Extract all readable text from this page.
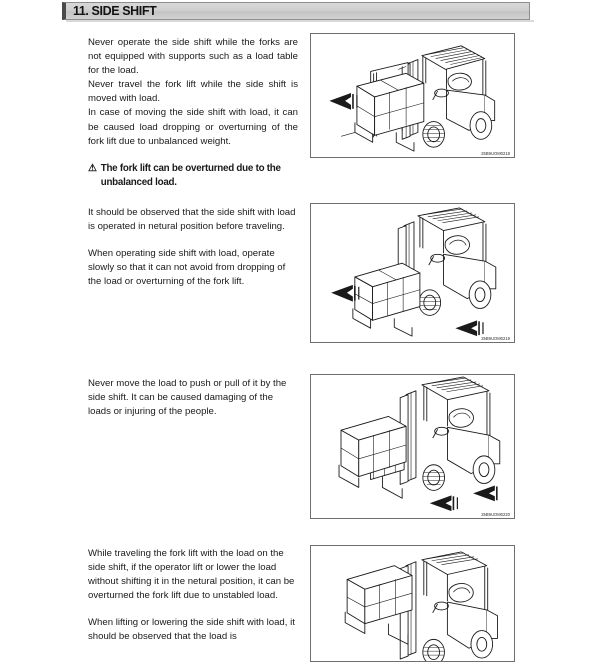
11. SIDE SHIFT

Never operate the side shift while the forks are not equipped with supports such as a load table for the load.

Never travel the fork lift while the side shift is moved with load.

In case of moving the side shift with load, it can be caused load dropping or overturning of the fork lift due to unbalanced weight.

⚠ The fork lift can be overturned due to the unbalanced load.
25B9UOM0218

It should be observed that the side shift with load is operated in netural position before traveling.

When operating side shift with load, operate slowly so that it can not avoid from dropping of the load or overturning of the fork lift.

25B9UOM0219

Never move the load to push or pull of it by the side shift. It can be caused damaging of the loads or injuring of the people.

25B9UOM0220

While traveling the fork lift with the load on the side shift, if the operator lift or lower the load without shifting it in the netural position, it can be overturned the fork lift due to unstabled load.

When lifting or lowering the side shift with load, it should be observed that the load is
